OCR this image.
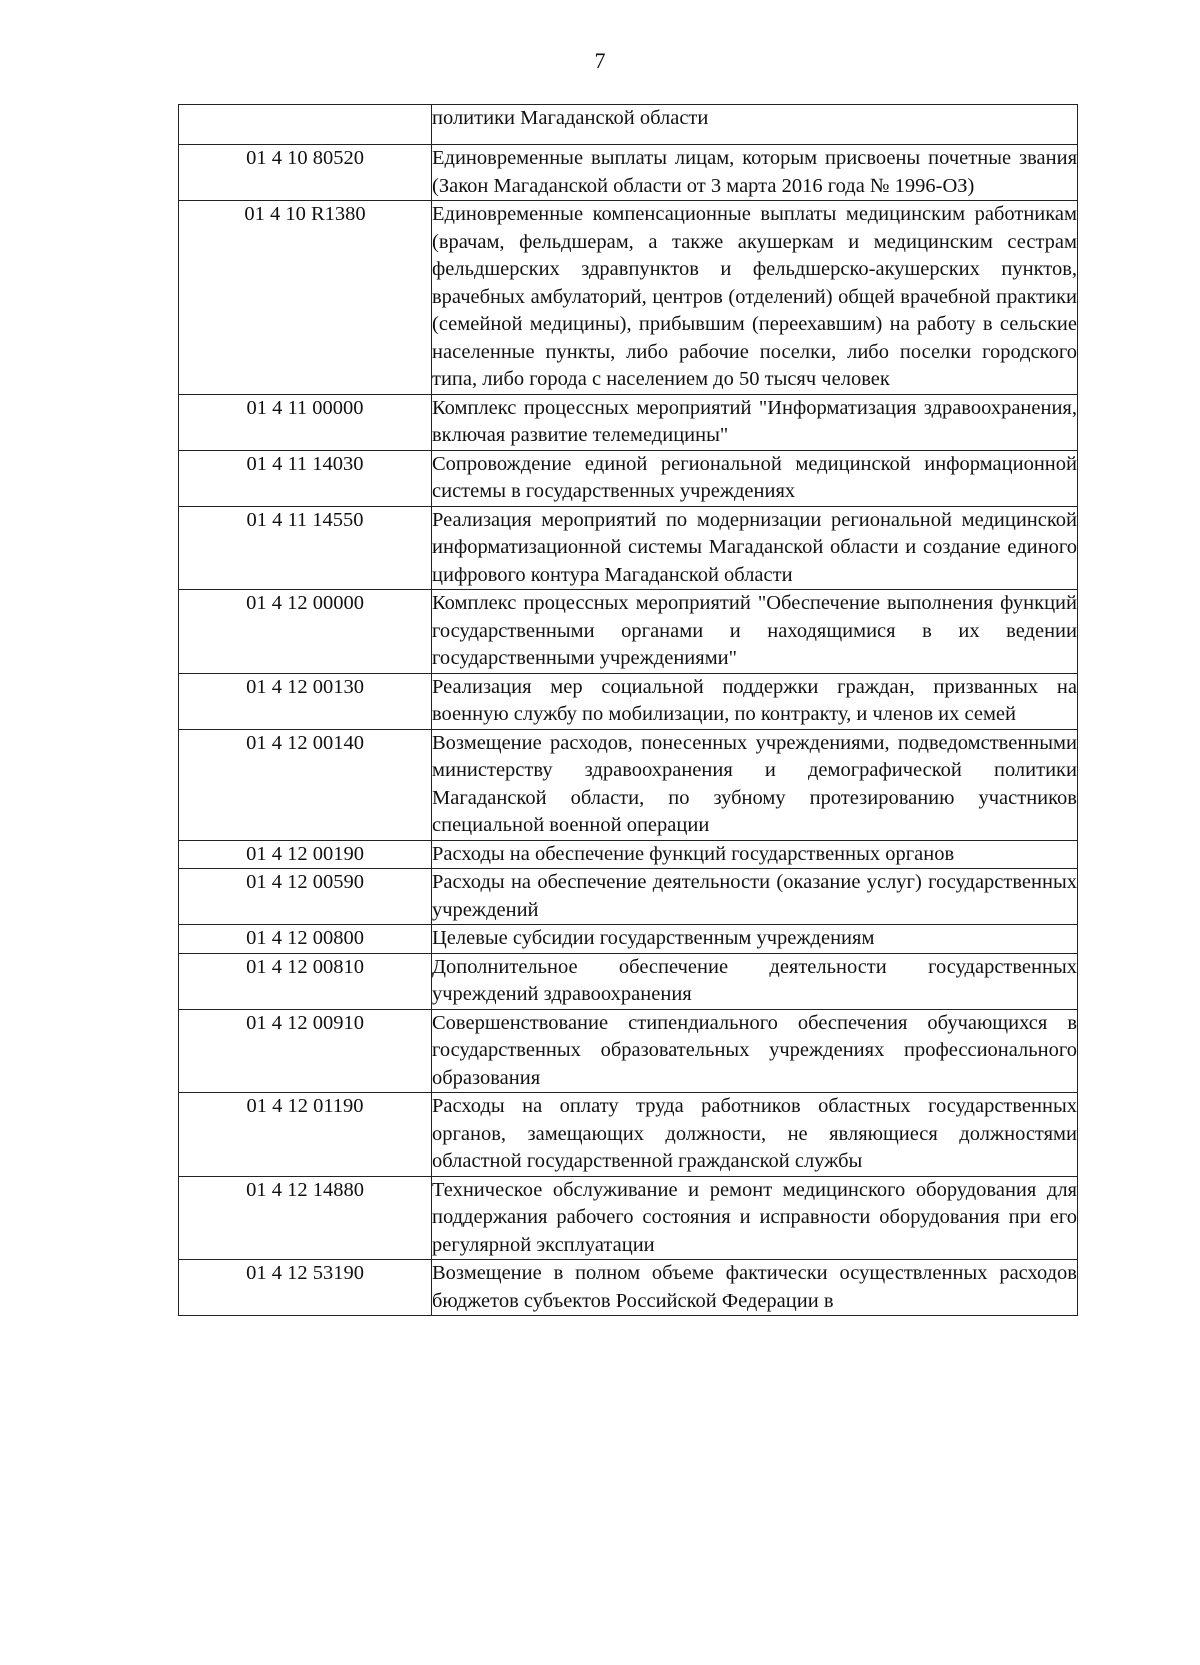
7
	политики Магаданской области
01 4 10 80520	Единовременные выплаты лицам, которым присвоены почетные звания (Закон Магаданской области от 3 марта 2016 года № 1996-ОЗ)
01 4 10 R1380	Единовременные компенсационные выплаты медицинским работникам (врачам, фельдшерам, а также акушеркам и медицинским сестрам фельдшерских здравпунктов и фельдшерско-акушерских пунктов, врачебных амбулаторий, центров (отделений) общей врачебной практики (семейной медицины), прибывшим (переехавшим) на работу в сельские населенные пункты, либо рабочие поселки, либо поселки городского типа, либо города с населением до 50 тысяч человек
01 4 11 00000	Комплекс процессных мероприятий "Информатизация здравоохранения, включая развитие телемедицины"
01 4 11 14030	Сопровождение единой региональной медицинской информационной системы в государственных учреждениях
01 4 11 14550	Реализация мероприятий по модернизации региональной медицинской информатизационной системы Магаданской области и создание единого цифрового контура Магаданской области
01 4 12 00000	Комплекс процессных мероприятий "Обеспечение выполнения функций государственными органами и находящимися в их ведении государственными учреждениями"
01 4 12 00130	Реализация мер социальной поддержки граждан, призванных на военную службу по мобилизации, по контракту, и членов их семей
01 4 12 00140	Возмещение расходов, понесенных учреждениями, подведомственными министерству здравоохранения и демографической политики Магаданской области, по зубному протезированию участников специальной военной операции
01 4 12 00190	Расходы на обеспечение функций государственных органов
01 4 12 00590	Расходы на обеспечение деятельности (оказание услуг) государственных учреждений
01 4 12 00800	Целевые субсидии государственным учреждениям
01 4 12 00810	Дополнительное обеспечение деятельности государственных учреждений здравоохранения
01 4 12 00910	Совершенствование стипендиального обеспечения обучающихся в государственных образовательных учреждениях профессионального образования
01 4 12 01190	Расходы на оплату труда работников областных государственных органов, замещающих должности, не являющиеся должностями областной государственной гражданской службы
01 4 12 14880	Техническое обслуживание и ремонт медицинского оборудования для поддержания рабочего состояния и исправности оборудования при его регулярной эксплуатации
01 4 12 53190	Возмещение в полном объеме фактически осуществленных расходов бюджетов субъектов Российской Федерации в
